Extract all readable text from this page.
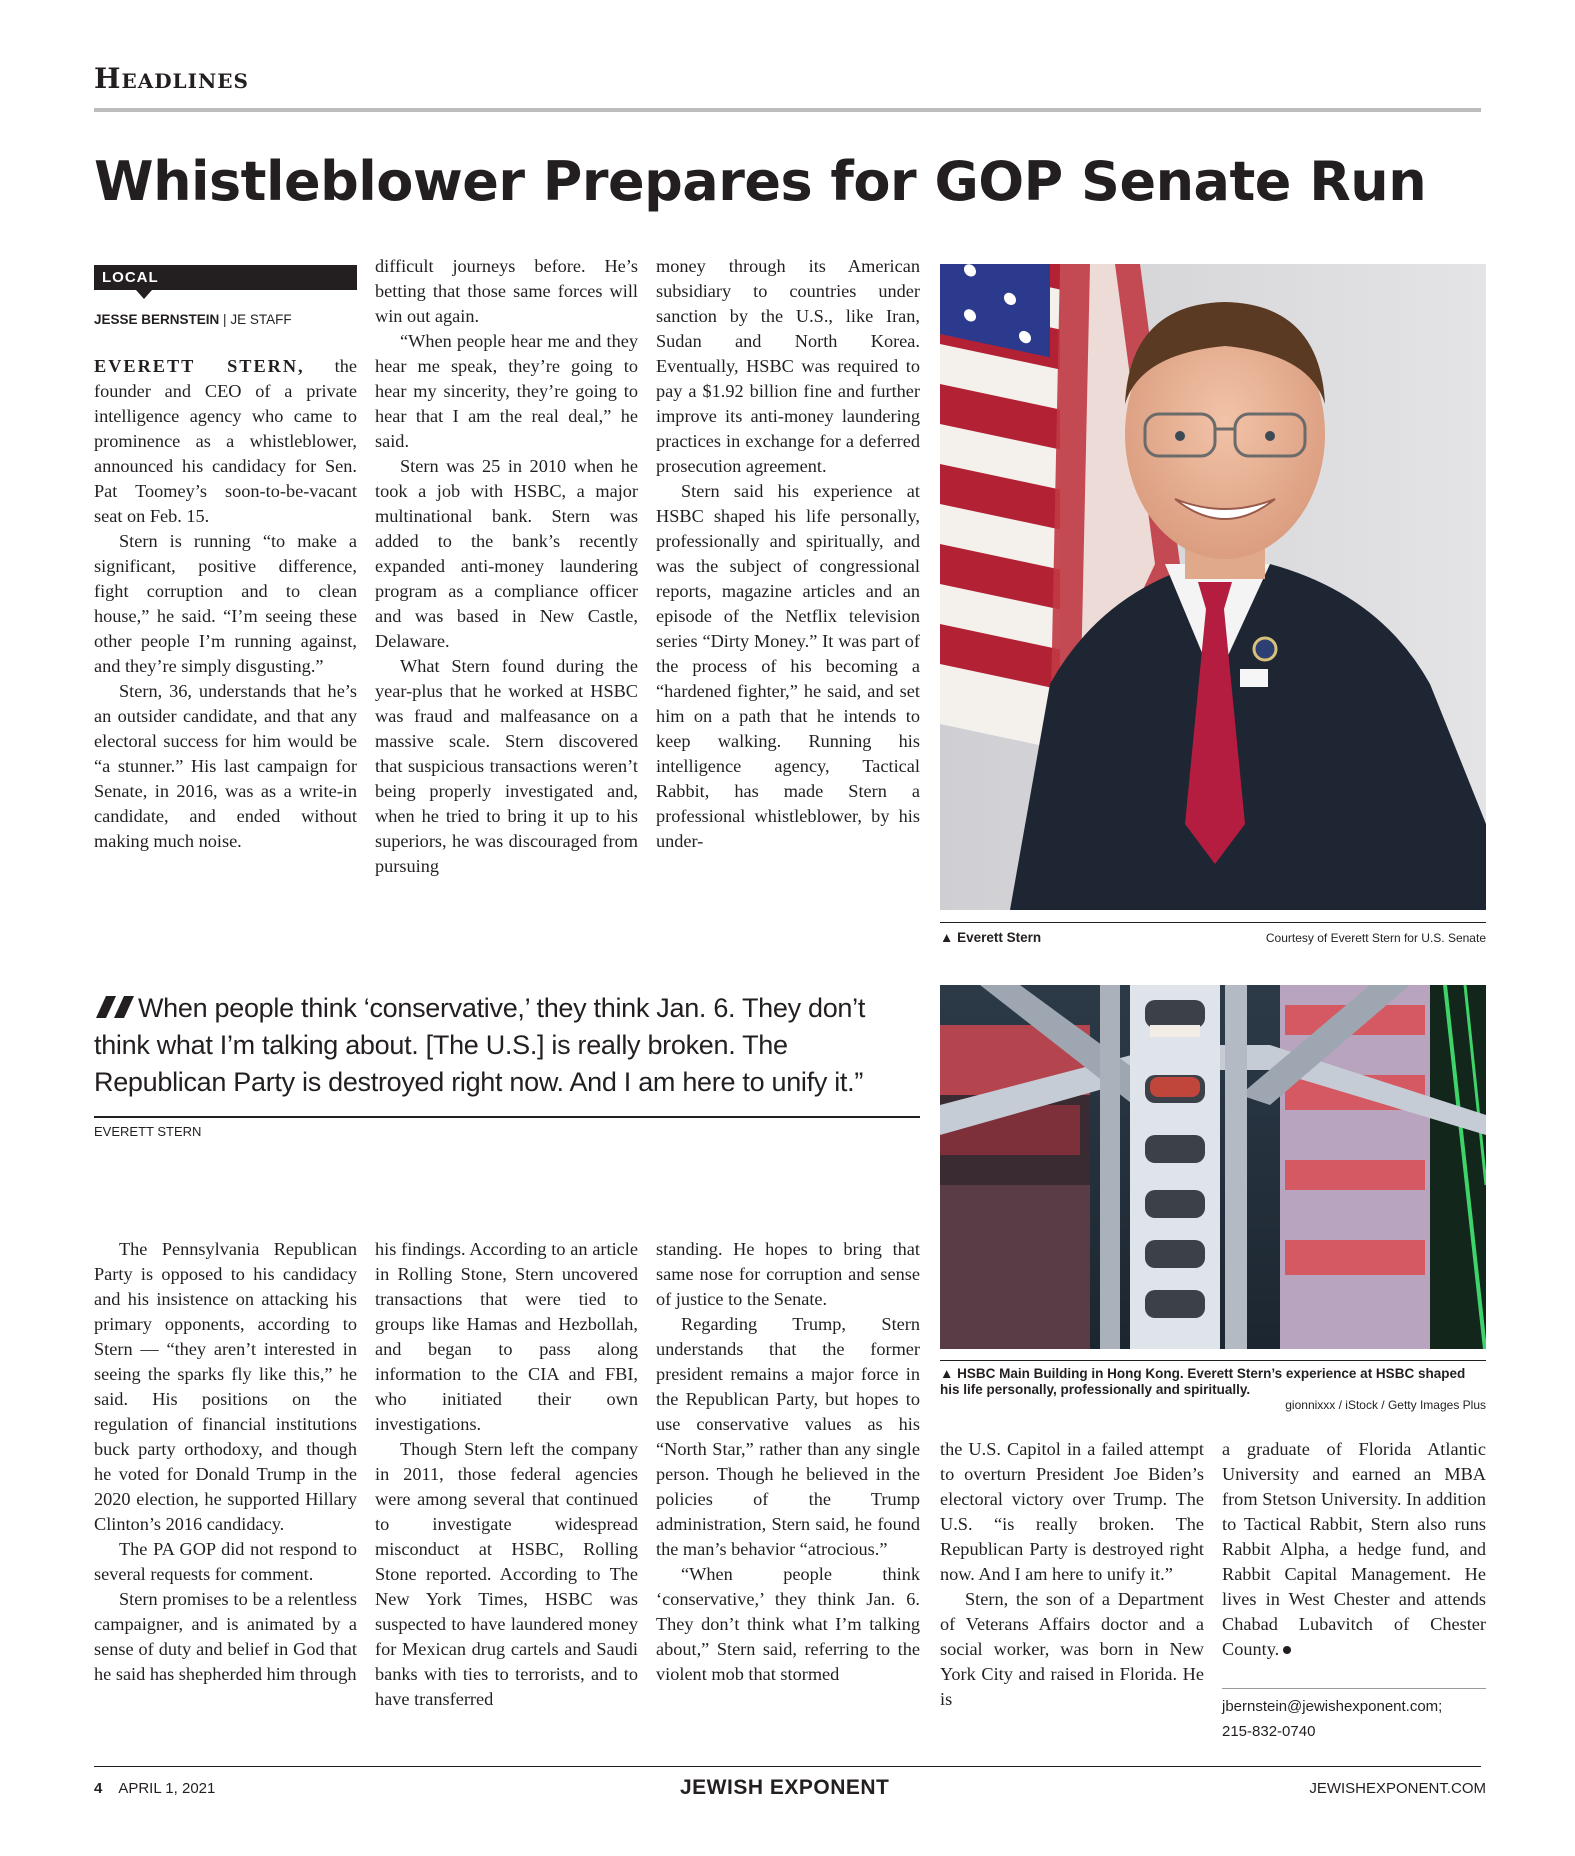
Headlines
Whistleblower Prepares for GOP Senate Run
LOCAL
JESSE BERNSTEIN | JE STAFF

EVERETT STERN, the founder and CEO of a private intelligence agency who came to prominence as a whistleblower, announced his candidacy for Sen. Pat Toomey’s soon-to-be-vacant seat on Feb. 15.

Stern is running “to make a significant, positive difference, fight corruption and to clean house,” he said. “I’m seeing these other people I’m running against, and they’re simply disgusting.”

Stern, 36, understands that he’s an outsider candidate, and that any electoral success for him would be “a stunner.” His last campaign for Senate, in 2016, was as a write-in candidate, and ended without making much noise.

difficult journeys before. He’s betting that those same forces will win out again.

“When people hear me and they hear me speak, they’re going to hear my sincerity, they’re going to hear that I am the real deal,” he said.

Stern was 25 in 2010 when he took a job with HSBC, a major multinational bank. Stern was added to the bank’s recently expanded anti-money laundering program as a compliance officer and was based in New Castle, Delaware.

What Stern found during the year-plus that he worked at HSBC was fraud and malfeasance on a massive scale. Stern discovered that suspicious transactions weren’t being properly investigated and, when he tried to bring it up to his superiors, he was discouraged from pursuing

money through its American subsidiary to countries under sanction by the U.S., like Iran, Sudan and North Korea. Eventually, HSBC was required to pay a $1.92 billion fine and further improve its anti-money laundering practices in exchange for a deferred prosecution agreement.

Stern said his experience at HSBC shaped his life personally, professionally and spiritually, and was the subject of congressional reports, magazine articles and an episode of the Netflix television series “Dirty Money.” It was part of the process of his becoming a “hardened fighter,” he said, and set him on a path that he intends to keep walking. Running his intelligence agency, Tactical Rabbit, has made Stern a professional whistleblower, by his under-

▲ Everett Stern	Courtesy of Everett Stern for U.S. Senate
When people think ‘conservative,’ they think Jan. 6. They don’t think what I’m talking about. [The U.S.] is really broken. The Republican Party is destroyed right now. And I am here to unify it.”
EVERETT STERN
▲ HSBC Main Building in Hong Kong. Everett Stern’s experience at HSBC shaped his life personally, professionally and spiritually.
gionnixxx / iStock / Getty Images Plus

The Pennsylvania Republican Party is opposed to his candidacy and his insistence on attacking his primary opponents, according to Stern — “they aren’t interested in seeing the sparks fly like this,” he said. His positions on the regulation of financial institutions buck party orthodoxy, and though he voted for Donald Trump in the 2020 election, he supported Hillary Clinton’s 2016 candidacy.

The PA GOP did not respond to several requests for comment.

Stern promises to be a relentless campaigner, and is animated by a sense of duty and belief in God that he said has shepherded him through

his findings. According to an article in Rolling Stone, Stern uncovered transactions that were tied to groups like Hamas and Hezbollah, and began to pass along information to the CIA and FBI, who initiated their own investigations.

Though Stern left the company in 2011, those federal agencies were among several that continued to investigate widespread misconduct at HSBC, Rolling Stone reported. According to The New York Times, HSBC was suspected to have laundered money for Mexican drug cartels and Saudi banks with ties to terrorists, and to have transferred

standing. He hopes to bring that same nose for corruption and sense of justice to the Senate.

Regarding Trump, Stern understands that the former president remains a major force in the Republican Party, but hopes to use conservative values as his “North Star,” rather than any single person. Though he believed in the policies of the Trump administration, Stern said, he found the man’s behavior “atrocious.”

“When people think ‘conservative,’ they think Jan. 6. They don’t think what I’m talking about,” Stern said, referring to the violent mob that stormed

the U.S. Capitol in a failed attempt to overturn President Joe Biden’s electoral victory over Trump. The U.S. “is really broken. The Republican Party is destroyed right now. And I am here to unify it.”

Stern, the son of a Department of Veterans Affairs doctor and a social worker, was born in New York City and raised in Florida. He is

a graduate of Florida Atlantic University and earned an MBA from Stetson University. In addition to Tactical Rabbit, Stern also runs Rabbit Alpha, a hedge fund, and Rabbit Capital Management. He lives in West Chester and attends Chabad Lubavitch of Chester County.

jbernstein@jewishexponent.com;
215-832-0740
4 APRIL 1, 2021	JEWISH EXPONENT	JEWISHEXPONENT.COM
